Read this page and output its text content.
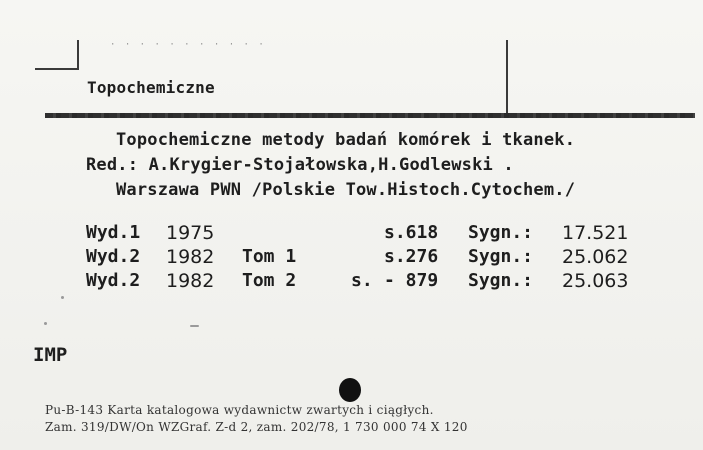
· · · · · · · · · · ·
Topochemiczne
Topochemiczne metody badań komórek i tkanek.
Red.: A.Krygier-Stojałowska,H.Godlewski .
Warszawa PWN /Polskie Tow.Histoch.Cytochem./
Wyd.1 1975	s.618 Sygn.: 17.521
Wyd.2 1982 Tom 1	s.276 Sygn.: 25.062
Wyd.2 1982 Tom 2	s. - 879 Sygn.: 25.063
IMP
Pu-B-143 Karta katalogowa wydawnictw zwartych i ciągłych.
Zam. 319/DW/On WZGraf. Z-d 2, zam. 202/78, 1 730 000 74 X 120
